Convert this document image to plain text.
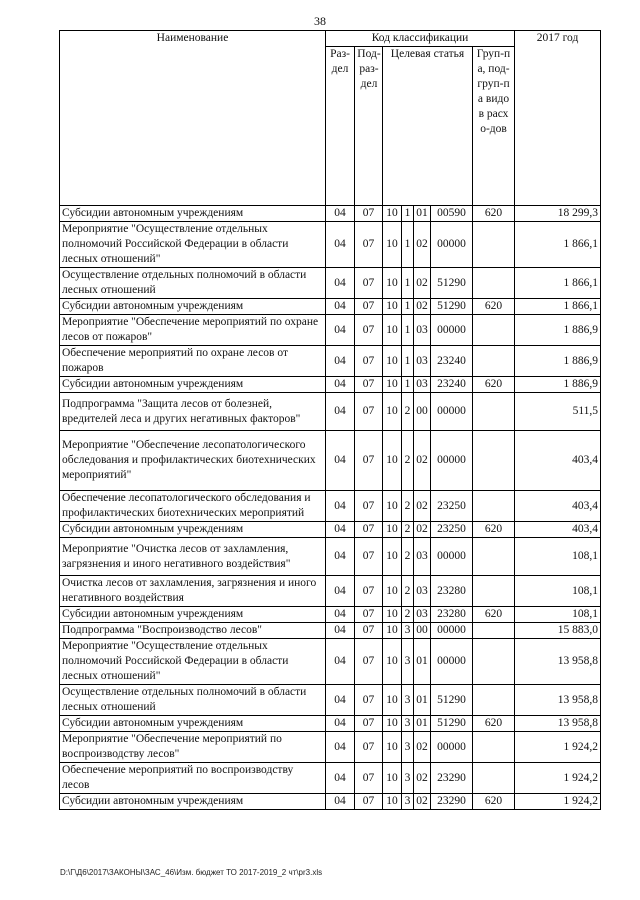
38
Наименование	Код классификации							2017 год

	Раз-дел	Под-раз-дел	Целевая статья				Груп-па, под-груп-па видов расхо-дов	

Субсидии автономным учреждениям	04	07	10	1	01	00590	620	18 299,3
Мероприятие "Осуществление отдельных полномочий Российской Федерации в области лесных отношений"	04	07	10	1	02	00000		1 866,1
Осуществление отдельных полномочий в области лесных отношений	04	07	10	1	02	51290		1 866,1
Субсидии автономным учреждениям	04	07	10	1	02	51290	620	1 866,1
Мероприятие "Обеспечение мероприятий по охране лесов от пожаров"	04	07	10	1	03	00000		1 886,9
Обеспечение мероприятий по охране лесов от пожаров	04	07	10	1	03	23240		1 886,9
Субсидии автономным учреждениям	04	07	10	1	03	23240	620	1 886,9
Подпрограмма "Защита лесов от болезней, вредителей леса и других негативных факторов"	04	07	10	2	00	00000		511,5
Мероприятие "Обеспечение лесопатологического обследования и профилактических биотехнических мероприятий"	04	07	10	2	02	00000		403,4
Обеспечение лесопатологического обследования и профилактических биотехнических мероприятий	04	07	10	2	02	23250		403,4
Субсидии автономным учреждениям	04	07	10	2	02	23250	620	403,4
Мероприятие "Очистка лесов от захламления, загрязнения и иного негативного воздействия"	04	07	10	2	03	00000		108,1
Очистка лесов от захламления, загрязнения и иного негативного воздействия	04	07	10	2	03	23280		108,1
Субсидии автономным учреждениям	04	07	10	2	03	23280	620	108,1
Подпрограмма "Воспроизводство лесов"	04	07	10	3	00	00000		15 883,0
Мероприятие "Осуществление отдельных полномочий Российской Федерации в области лесных отношений"	04	07	10	3	01	00000		13 958,8
Осуществление отдельных полномочий в области лесных отношений	04	07	10	3	01	51290		13 958,8
Субсидии автономным учреждениям	04	07	10	3	01	51290	620	13 958,8
Мероприятие "Обеспечение мероприятий по воспроизводству лесов"	04	07	10	3	02	00000		1 924,2
Обеспечение мероприятий по воспроизводству лесов	04	07	10	3	02	23290		1 924,2
Субсидии автономным учреждениям	04	07	10	3	02	23290	620	1 924,2
D:\Г\Д6\2017\ЗАКОНЫ\ЗАС_46\Изм. бюджет ТО 2017-2019_2 чт\pr3.xls
